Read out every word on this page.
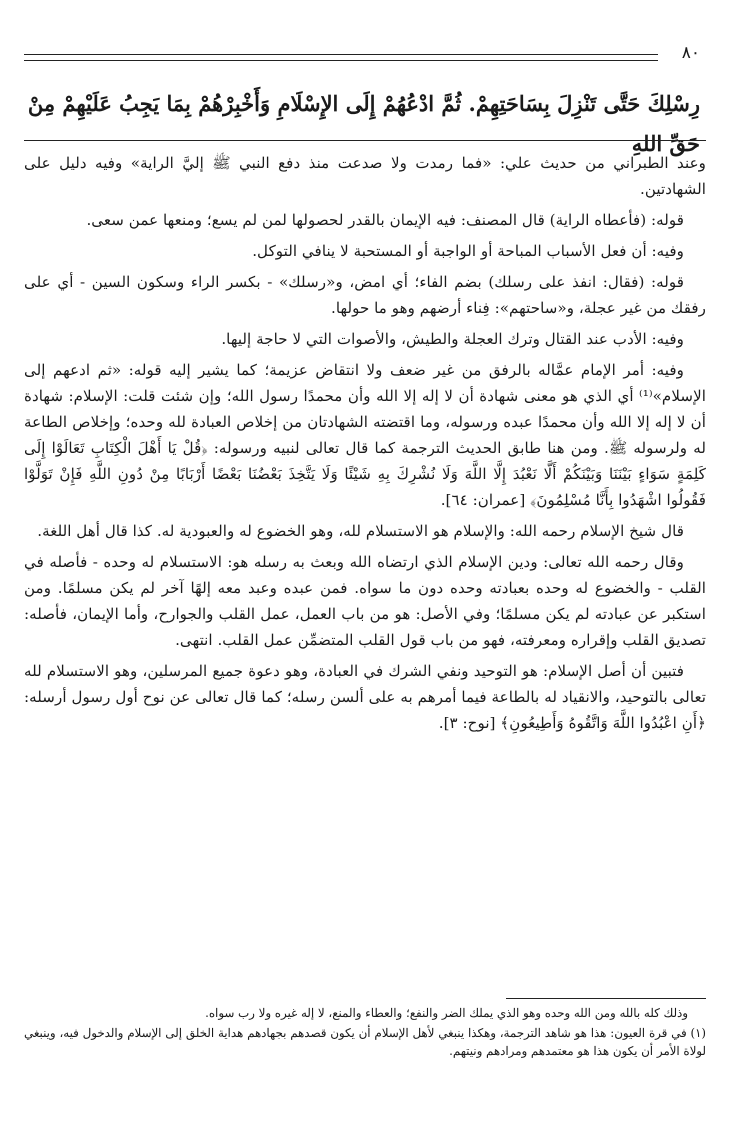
٨٠
رِسْلِكَ حَتَّى تَنْزِلَ بِسَاحَتِهِمْ. ثُمَّ ادْعُهُمْ إِلَى الإِسْلَامِ وَأَخْبِرْهُمْ بِمَا يَجِبُ عَلَيْهِمْ مِنْ حَقِّ اللهِ

وعند الطبراني من حديث علي: «فما رمدت ولا صدعت منذ دفع النبي ﷺ إليَّ الراية» وفيه دليل على الشهادتين.

قوله: (فأعطاه الراية) قال المصنف: فيه الإيمان بالقدر لحصولها لمن لم يسع؛ ومنعها عمن سعى.

وفيه: أن فعل الأسباب المباحة أو الواجبة أو المستحبة لا ينافي التوكل.

قوله: (فقال: انفذ على رسلك) بضم الفاء؛ أي امض، و«رسلك» - بكسر الراء وسكون السين - أي على رفقك من غير عجلة، و«ساحتهم»: فِناء أرضهم وهو ما حولها.

وفيه: الأدب عند القتال وترك العجلة والطيش، والأصوات التي لا حاجة إليها.

وفيه: أمر الإمام عمَّاله بالرفق من غير ضعف ولا انتقاض عزيمة؛ كما يشير إليه قوله: «ثم ادعهم إلى الإسلام»⁽¹⁾ أي الذي هو معنى شهادة أن لا إله إلا الله وأن محمدًا رسول الله؛ وإن شئت قلت: الإسلام: شهادة أن لا إله إلا الله وأن محمدًا عبده ورسوله، وما اقتضته الشهادتان من إخلاص العبادة لله وحده؛ وإخلاص الطاعة له ولرسوله ﷺ. ومن هنا طابق الحديث الترجمة كما قال تعالى لنبيه ورسوله: ﴿قُلْ يَا أَهْلَ الْكِتَابِ تَعَالَوْا إِلَى كَلِمَةٍ سَوَاءٍ بَيْنَنَا وَبَيْنَكُمْ أَلَّا نَعْبُدَ إِلَّا اللَّهَ وَلَا نُشْرِكَ بِهِ شَيْئًا وَلَا يَتَّخِذَ بَعْضُنَا بَعْضًا أَرْبَابًا مِنْ دُونِ اللَّهِ فَإِنْ تَوَلَّوْا فَقُولُوا اشْهَدُوا بِأَنَّا مُسْلِمُونَ﴾ [عمران: ٦٤].

قال شيخ الإسلام رحمه الله: والإسلام هو الاستسلام لله، وهو الخضوع له والعبودية له. كذا قال أهل اللغة.

وقال رحمه الله تعالى: ودين الإسلام الذي ارتضاه الله وبعث به رسله هو: الاستسلام له وحده - فأصله في القلب - والخضوع له وحده بعبادته وحده دون ما سواه. فمن عبده وعبد معه إلهًا آخر لم يكن مسلمًا. ومن استكبر عن عبادته لم يكن مسلمًا؛ وفي الأصل: هو من باب العمل، عمل القلب والجوارح، وأما الإيمان، فأصله: تصديق القلب وإقراره ومعرفته، فهو من باب قول القلب المتضمِّن عمل القلب. انتهى.

فتبين أن أصل الإسلام: هو التوحيد ونفي الشرك في العبادة، وهو دعوة جميع المرسلين، وهو الاستسلام لله تعالى بالتوحيد، والانقياد له بالطاعة فيما أمرهم به على ألسن رسله؛ كما قال تعالى عن نوح أول رسول أرسله: ﴿أَنِ اعْبُدُوا اللَّهَ وَاتَّقُوهُ وَأَطِيعُونِ﴾ [نوح: ٣].

وذلك كله بالله ومن الله وحده وهو الذي يملك الضر والنفع؛ والعطاء والمنع، لا إله غيره ولا رب سواه.

(١) في قرة العيون: هذا هو شاهد الترجمة، وهكذا ينبغي لأهل الإسلام أن يكون قصدهم بجهادهم هداية الخلق إلى الإسلام والدخول فيه، وينبغي لولاة الأمر أن يكون هذا هو معتمدهم ومرادهم ونيتهم.
